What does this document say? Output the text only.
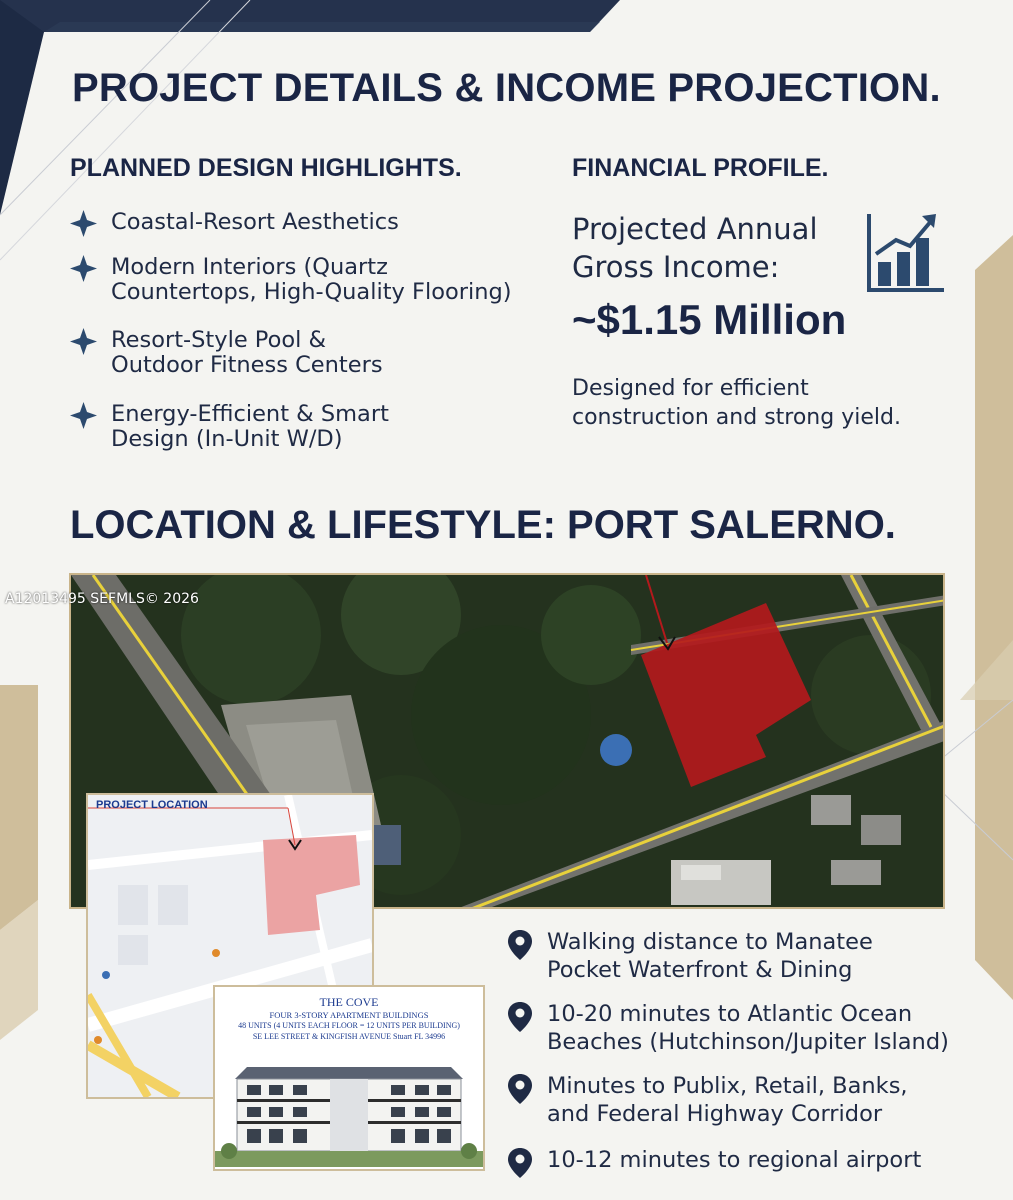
PROJECT DETAILS & INCOME PROJECTION.
PLANNED DESIGN HIGHLIGHTS.
Coastal-Resort Aesthetics
Modern Interiors (Quartz
Countertops, High-Quality Flooring)
Resort-Style Pool &
Outdoor Fitness Centers
Energy-Efficient & Smart
Design (In-Unit W/D)
FINANCIAL PROFILE.
Projected Annual
Gross Income:
~$1.15 Million
Designed for efficient
construction and strong yield.
LOCATION & LIFESTYLE: PORT SALERNO.
A12013495 SEFMLS© 2026
PROJECT LOCATION
THE COVE
FOUR 3-STORY APARTMENT BUILDINGS
48 UNITS (4 UNITS EACH FLOOR = 12 UNITS PER BUILDING)
SE LEE STREET & KINGFISH AVENUE Stuart FL 34996
Walking distance to Manatee
Pocket Waterfront & Dining
10-20 minutes to Atlantic Ocean
Beaches (Hutchinson/Jupiter Island)
Minutes to Publix, Retail, Banks,
and Federal Highway Corridor
10-12 minutes to regional airport
